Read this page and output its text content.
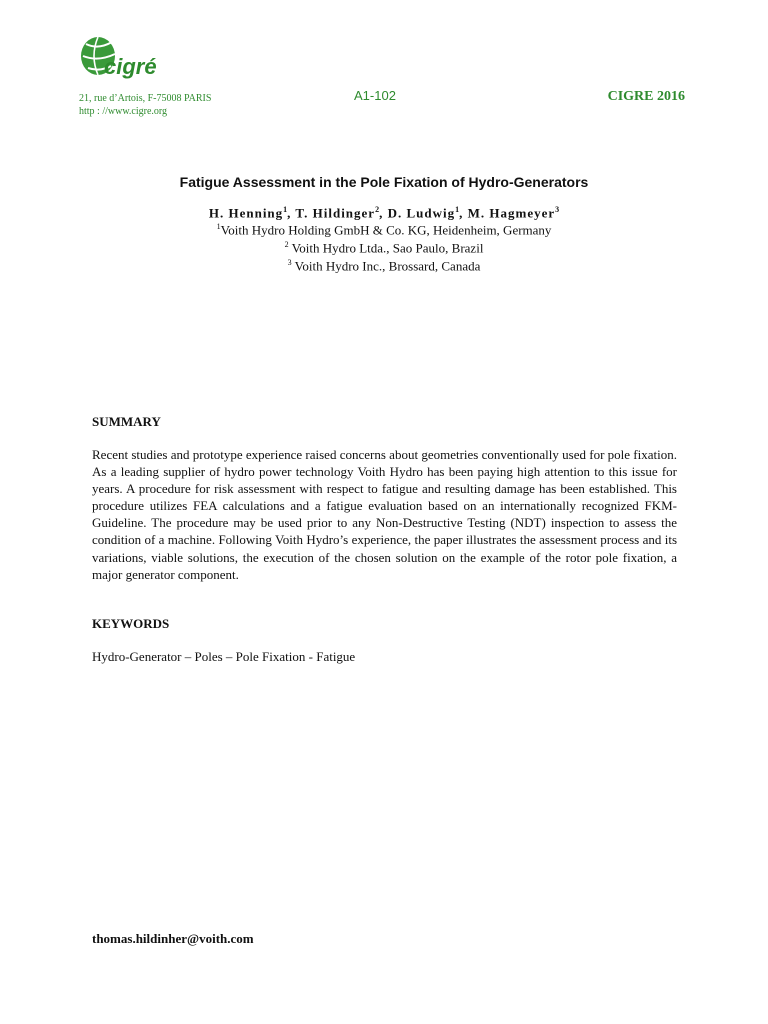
cigré
21, rue d’Artois, F-75008 PARIS
http : //www.cigre.org
A1-102	CIGRE 2016
Fatigue Assessment in the Pole Fixation of Hydro-Generators
H. Henning$^1$, T. Hildinger$^2$, D. Ludwig$^1$, M. Hagmeyer$^3$
$^1$Voith Hydro Holding GmbH & Co. KG, Heidenheim, Germany
$^2$ Voith Hydro Ltda., Sao Paulo, Brazil
$^3$ Voith Hydro Inc., Brossard, Canada
SUMMARY
Recent studies and prototype experience raised concerns about geometries conventionally used for pole fixation. As a leading supplier of hydro power technology Voith Hydro has been paying high attention to this issue for years. A procedure for risk assessment with respect to fatigue and resulting damage has been established. This procedure utilizes FEA calculations and a fatigue evaluation based on an internationally recognized FKM-Guideline. The procedure may be used prior to any Non-Destructive Testing (NDT) inspection to assess the condition of a machine. Following Voith Hydro’s experience, the paper illustrates the assessment process and its variations, viable solutions, the execution of the chosen solution on the example of the rotor pole fixation, a major generator component.
KEYWORDS
Hydro-Generator – Poles – Pole Fixation - Fatigue
thomas.hildinher@voith.com
